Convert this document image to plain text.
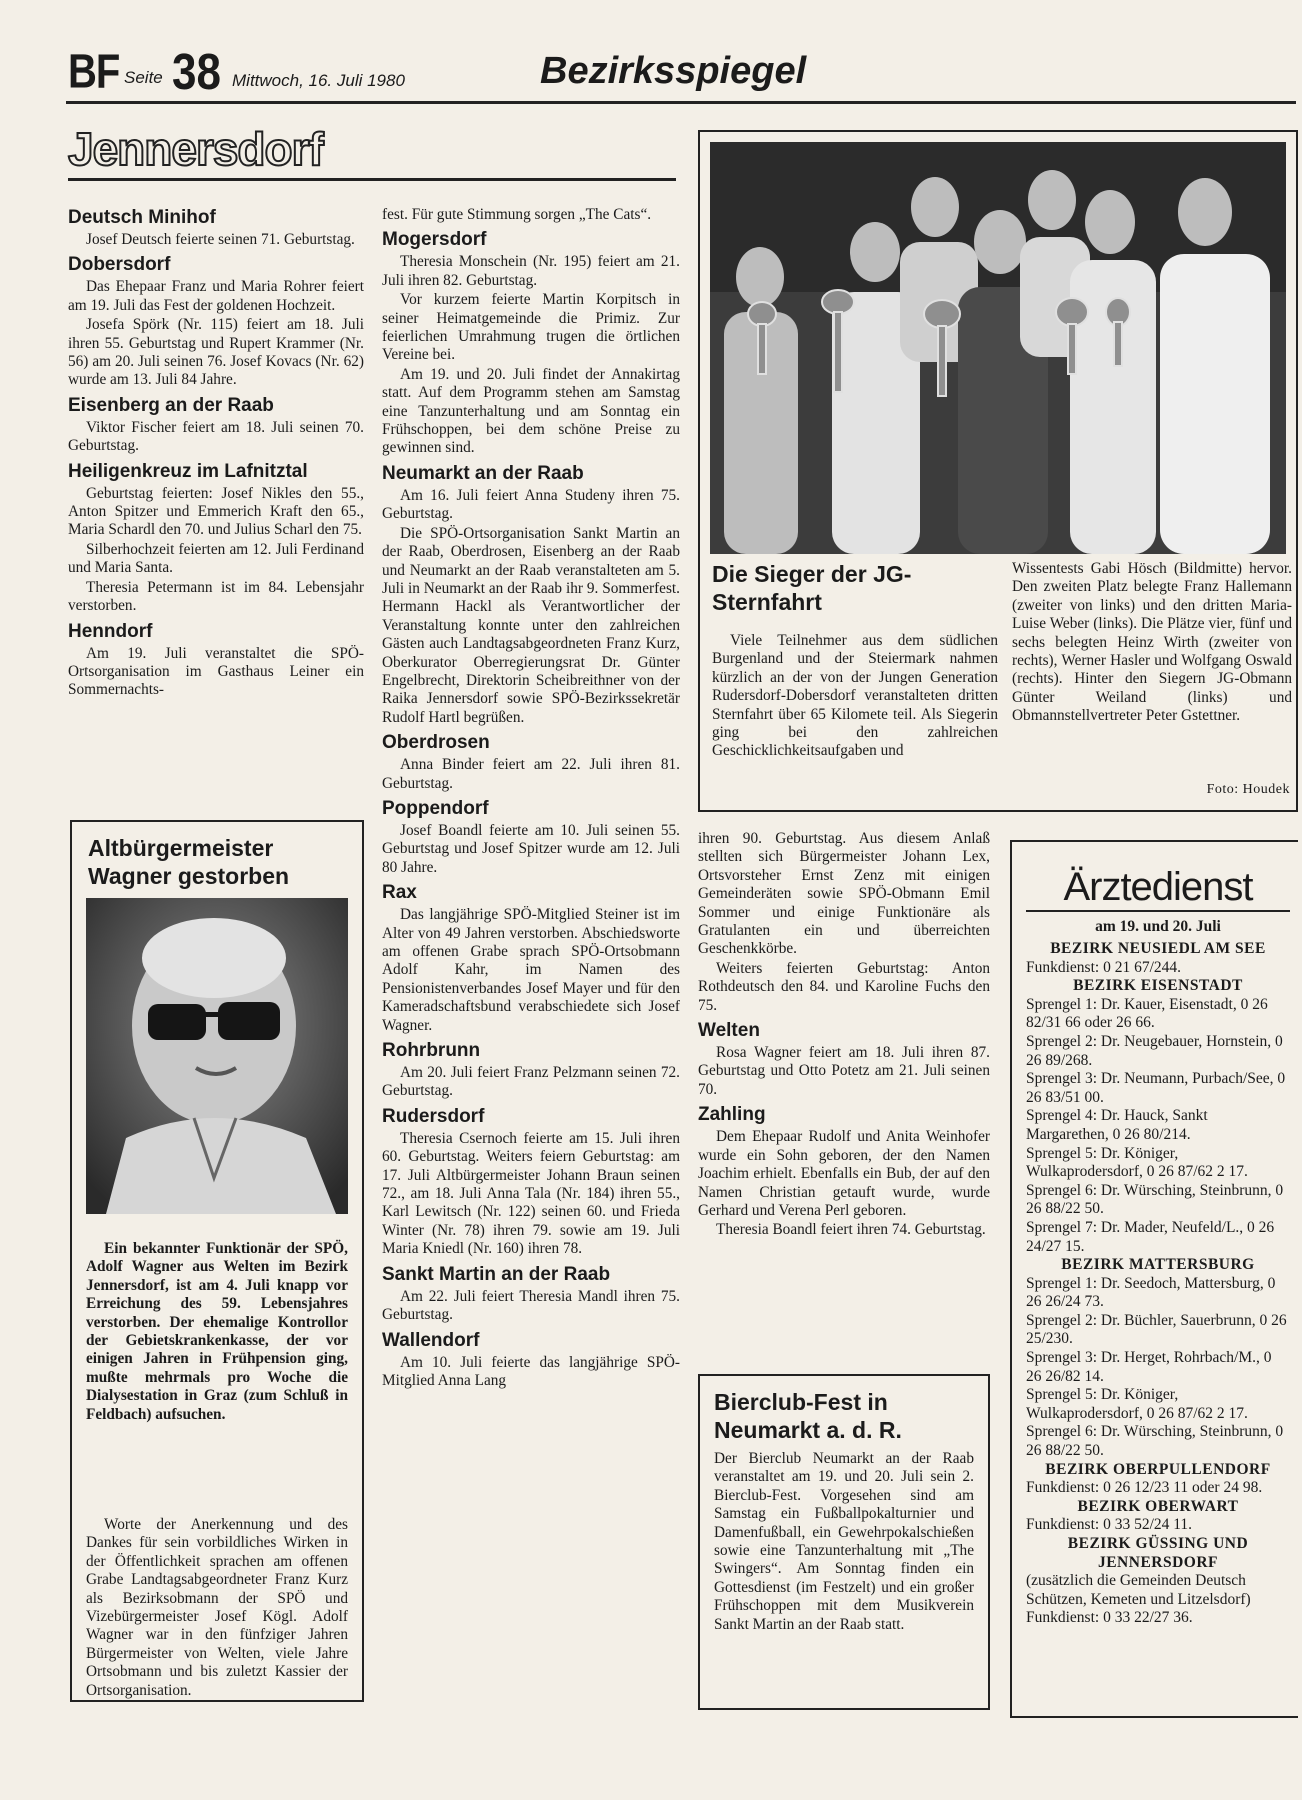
BF Seite 38 Mittwoch, 16. Juli 1980	Bezirksspiegel
Jennersdorf
Deutsch Minihof

Josef Deutsch feierte seinen 71. Geburtstag.

Dobersdorf

Das Ehepaar Franz und Maria Rohrer feiert am 19. Juli das Fest der goldenen Hochzeit.

Josefa Spörk (Nr. 115) feiert am 18. Juli ihren 55. Geburtstag und Rupert Krammer (Nr. 56) am 20. Juli seinen 76. Josef Kovacs (Nr. 62) wurde am 13. Juli 84 Jahre.

Eisenberg an der Raab

Viktor Fischer feiert am 18. Juli seinen 70. Geburtstag.

Heiligenkreuz im Lafnitztal

Geburtstag feierten: Josef Nikles den 55., Anton Spitzer und Emmerich Kraft den 65., Maria Schardl den 70. und Julius Scharl den 75.

Silberhochzeit feierten am 12. Juli Ferdinand und Maria Santa.

Theresia Petermann ist im 84. Lebensjahr verstorben.

Henndorf

Am 19. Juli veranstaltet die SPÖ-Ortsorganisation im Gasthaus Leiner ein Sommernachts-

Altbürgermeister Wagner gestorben

Ein bekannter Funktionär der SPÖ, Adolf Wagner aus Welten im Bezirk Jennersdorf, ist am 4. Juli knapp vor Erreichung des 59. Lebensjahres verstorben. Der ehemalige Kontrollor der Gebietskrankenkasse, der vor einigen Jahren in Frühpension ging, mußte mehrmals pro Woche die Dialysestation in Graz (zum Schluß in Feldbach) aufsuchen.

Worte der Anerkennung und des Dankes für sein vorbildliches Wirken in der Öffentlichkeit sprachen am offenen Grabe Landtagsabgeordneter Franz Kurz als Bezirksobmann der SPÖ und Vizebürgermeister Josef Kögl. Adolf Wagner war in den fünfziger Jahren Bürgermeister von Welten, viele Jahre Ortsobmann und bis zuletzt Kassier der Ortsorganisation.

fest. Für gute Stimmung sorgen „The Cats“.

Mogersdorf

Theresia Monschein (Nr. 195) feiert am 21. Juli ihren 82. Geburtstag.

Vor kurzem feierte Martin Korpitsch in seiner Heimatgemeinde die Primiz. Zur feierlichen Umrahmung trugen die örtlichen Vereine bei.

Am 19. und 20. Juli findet der Annakirtag statt. Auf dem Programm stehen am Samstag eine Tanzunterhaltung und am Sonntag ein Frühschoppen, bei dem schöne Preise zu gewinnen sind.

Neumarkt an der Raab

Am 16. Juli feiert Anna Studeny ihren 75. Geburtstag.

Die SPÖ-Ortsorganisation Sankt Martin an der Raab, Oberdrosen, Eisenberg an der Raab und Neumarkt an der Raab veranstalteten am 5. Juli in Neumarkt an der Raab ihr 9. Sommerfest. Hermann Hackl als Verantwortlicher der Veranstaltung konnte unter den zahlreichen Gästen auch Landtagsabgeordneten Franz Kurz, Oberkurator Oberregierungsrat Dr. Günter Engelbrecht, Direktorin Scheibreithner von der Raika Jennersdorf sowie SPÖ-Bezirkssekretär Rudolf Hartl begrüßen.

Oberdrosen

Anna Binder feiert am 22. Juli ihren 81. Geburtstag.

Poppendorf

Josef Boandl feierte am 10. Juli seinen 55. Geburtstag und Josef Spitzer wurde am 12. Juli 80 Jahre.

Rax

Das langjährige SPÖ-Mitglied Steiner ist im Alter von 49 Jahren verstorben. Abschiedsworte am offenen Grabe sprach SPÖ-Ortsobmann Adolf Kahr, im Namen des Pensionistenverbandes Josef Mayer und für den Kameradschaftsbund verabschiedete sich Josef Wagner.

Rohrbrunn

Am 20. Juli feiert Franz Pelzmann seinen 72. Geburtstag.

Rudersdorf

Theresia Csernoch feierte am 15. Juli ihren 60. Geburtstag. Weiters feiern Geburtstag: am 17. Juli Altbürgermeister Johann Braun seinen 72., am 18. Juli Anna Tala (Nr. 184) ihren 55., Karl Lewitsch (Nr. 122) seinen 60. und Frieda Winter (Nr. 78) ihren 79. sowie am 19. Juli Maria Kniedl (Nr. 160) ihren 78.

Sankt Martin an der Raab

Am 22. Juli feiert Theresia Mandl ihren 75. Geburtstag.

Wallendorf

Am 10. Juli feierte das langjährige SPÖ-Mitglied Anna Lang

Die Sieger der JG-Sternfahrt

Viele Teilnehmer aus dem südlichen Burgenland und der Steiermark nahmen kürzlich an der von der Jungen Generation Rudersdorf-Dobersdorf veranstalteten dritten Sternfahrt über 65 Kilomete teil. Als Siegerin ging bei den zahlreichen Geschicklichkeitsaufgaben und

Wissentests Gabi Hösch (Bildmitte) hervor. Den zweiten Platz belegte Franz Hallemann (zweiter von links) und den dritten Maria-Luise Weber (links). Die Plätze vier, fünf und sechs belegten Heinz Wirth (zweiter von rechts), Werner Hasler und Wolfgang Oswald (rechts). Hinter den Siegern JG-Obmann Günter Weiland (links) und Obmannstellvertreter Peter Gstettner.

Foto: Houdek

ihren 90. Geburtstag. Aus diesem Anlaß stellten sich Bürgermeister Johann Lex, Ortsvorsteher Ernst Zenz mit einigen Gemeinderäten sowie SPÖ-Obmann Emil Sommer und einige Funktionäre als Gratulanten ein und überreichten Geschenkkörbe.

Weiters feierten Geburtstag: Anton Rothdeutsch den 84. und Karoline Fuchs den 75.

Welten

Rosa Wagner feiert am 18. Juli ihren 87. Geburtstag und Otto Potetz am 21. Juli seinen 70.

Zahling

Dem Ehepaar Rudolf und Anita Weinhofer wurde ein Sohn geboren, der den Namen Joachim erhielt. Ebenfalls ein Bub, der auf den Namen Christian getauft wurde, wurde Gerhard und Verena Perl geboren.

Theresia Boandl feiert ihren 74. Geburtstag.

Bierclub-Fest in Neumarkt a. d. R.

Der Bierclub Neumarkt an der Raab veranstaltet am 19. und 20. Juli sein 2. Bierclub-Fest. Vorgesehen sind am Samstag ein Fußballpokalturnier und Damenfußball, ein Gewehrpokalschießen sowie eine Tanzunterhaltung mit „The Swingers“. Am Sonntag finden ein Gottesdienst (im Festzelt) und ein großer Frühschoppen mit dem Musikverein Sankt Martin an der Raab statt.

Ärztedienst
am 19. und 20. Juli
BEZIRK NEUSIEDL AM SEE
Funkdienst: 0 21 67/244.
BEZIRK EISENSTADT
Sprengel 1: Dr. Kauer, Eisenstadt, 0 26 82/31 66 oder 26 66.
Sprengel 2: Dr. Neugebauer, Hornstein, 0 26 89/268.
Sprengel 3: Dr. Neumann, Purbach/See, 0 26 83/51 00.
Sprengel 4: Dr. Hauck, Sankt Margarethen, 0 26 80/214.
Sprengel 5: Dr. Königer, Wulkaprodersdorf, 0 26 87/62 2 17.
Sprengel 6: Dr. Würsching, Steinbrunn, 0 26 88/22 50.
Sprengel 7: Dr. Mader, Neufeld/L., 0 26 24/27 15.
BEZIRK MATTERSBURG
Sprengel 1: Dr. Seedoch, Mattersburg, 0 26 26/24 73.
Sprengel 2: Dr. Büchler, Sauerbrunn, 0 26 25/230.
Sprengel 3: Dr. Herget, Rohrbach/M., 0 26 26/82 14.
Sprengel 5: Dr. Königer, Wulkaprodersdorf, 0 26 87/62 2 17.
Sprengel 6: Dr. Würsching, Steinbrunn, 0 26 88/22 50.
BEZIRK OBERPULLENDORF
Funkdienst: 0 26 12/23 11 oder 24 98.
BEZIRK OBERWART
Funkdienst: 0 33 52/24 11.
BEZIRK GÜSSING UND JENNERSDORF
(zusätzlich die Gemeinden Deutsch Schützen, Kemeten und Litzelsdorf)
Funkdienst: 0 33 22/27 36.
